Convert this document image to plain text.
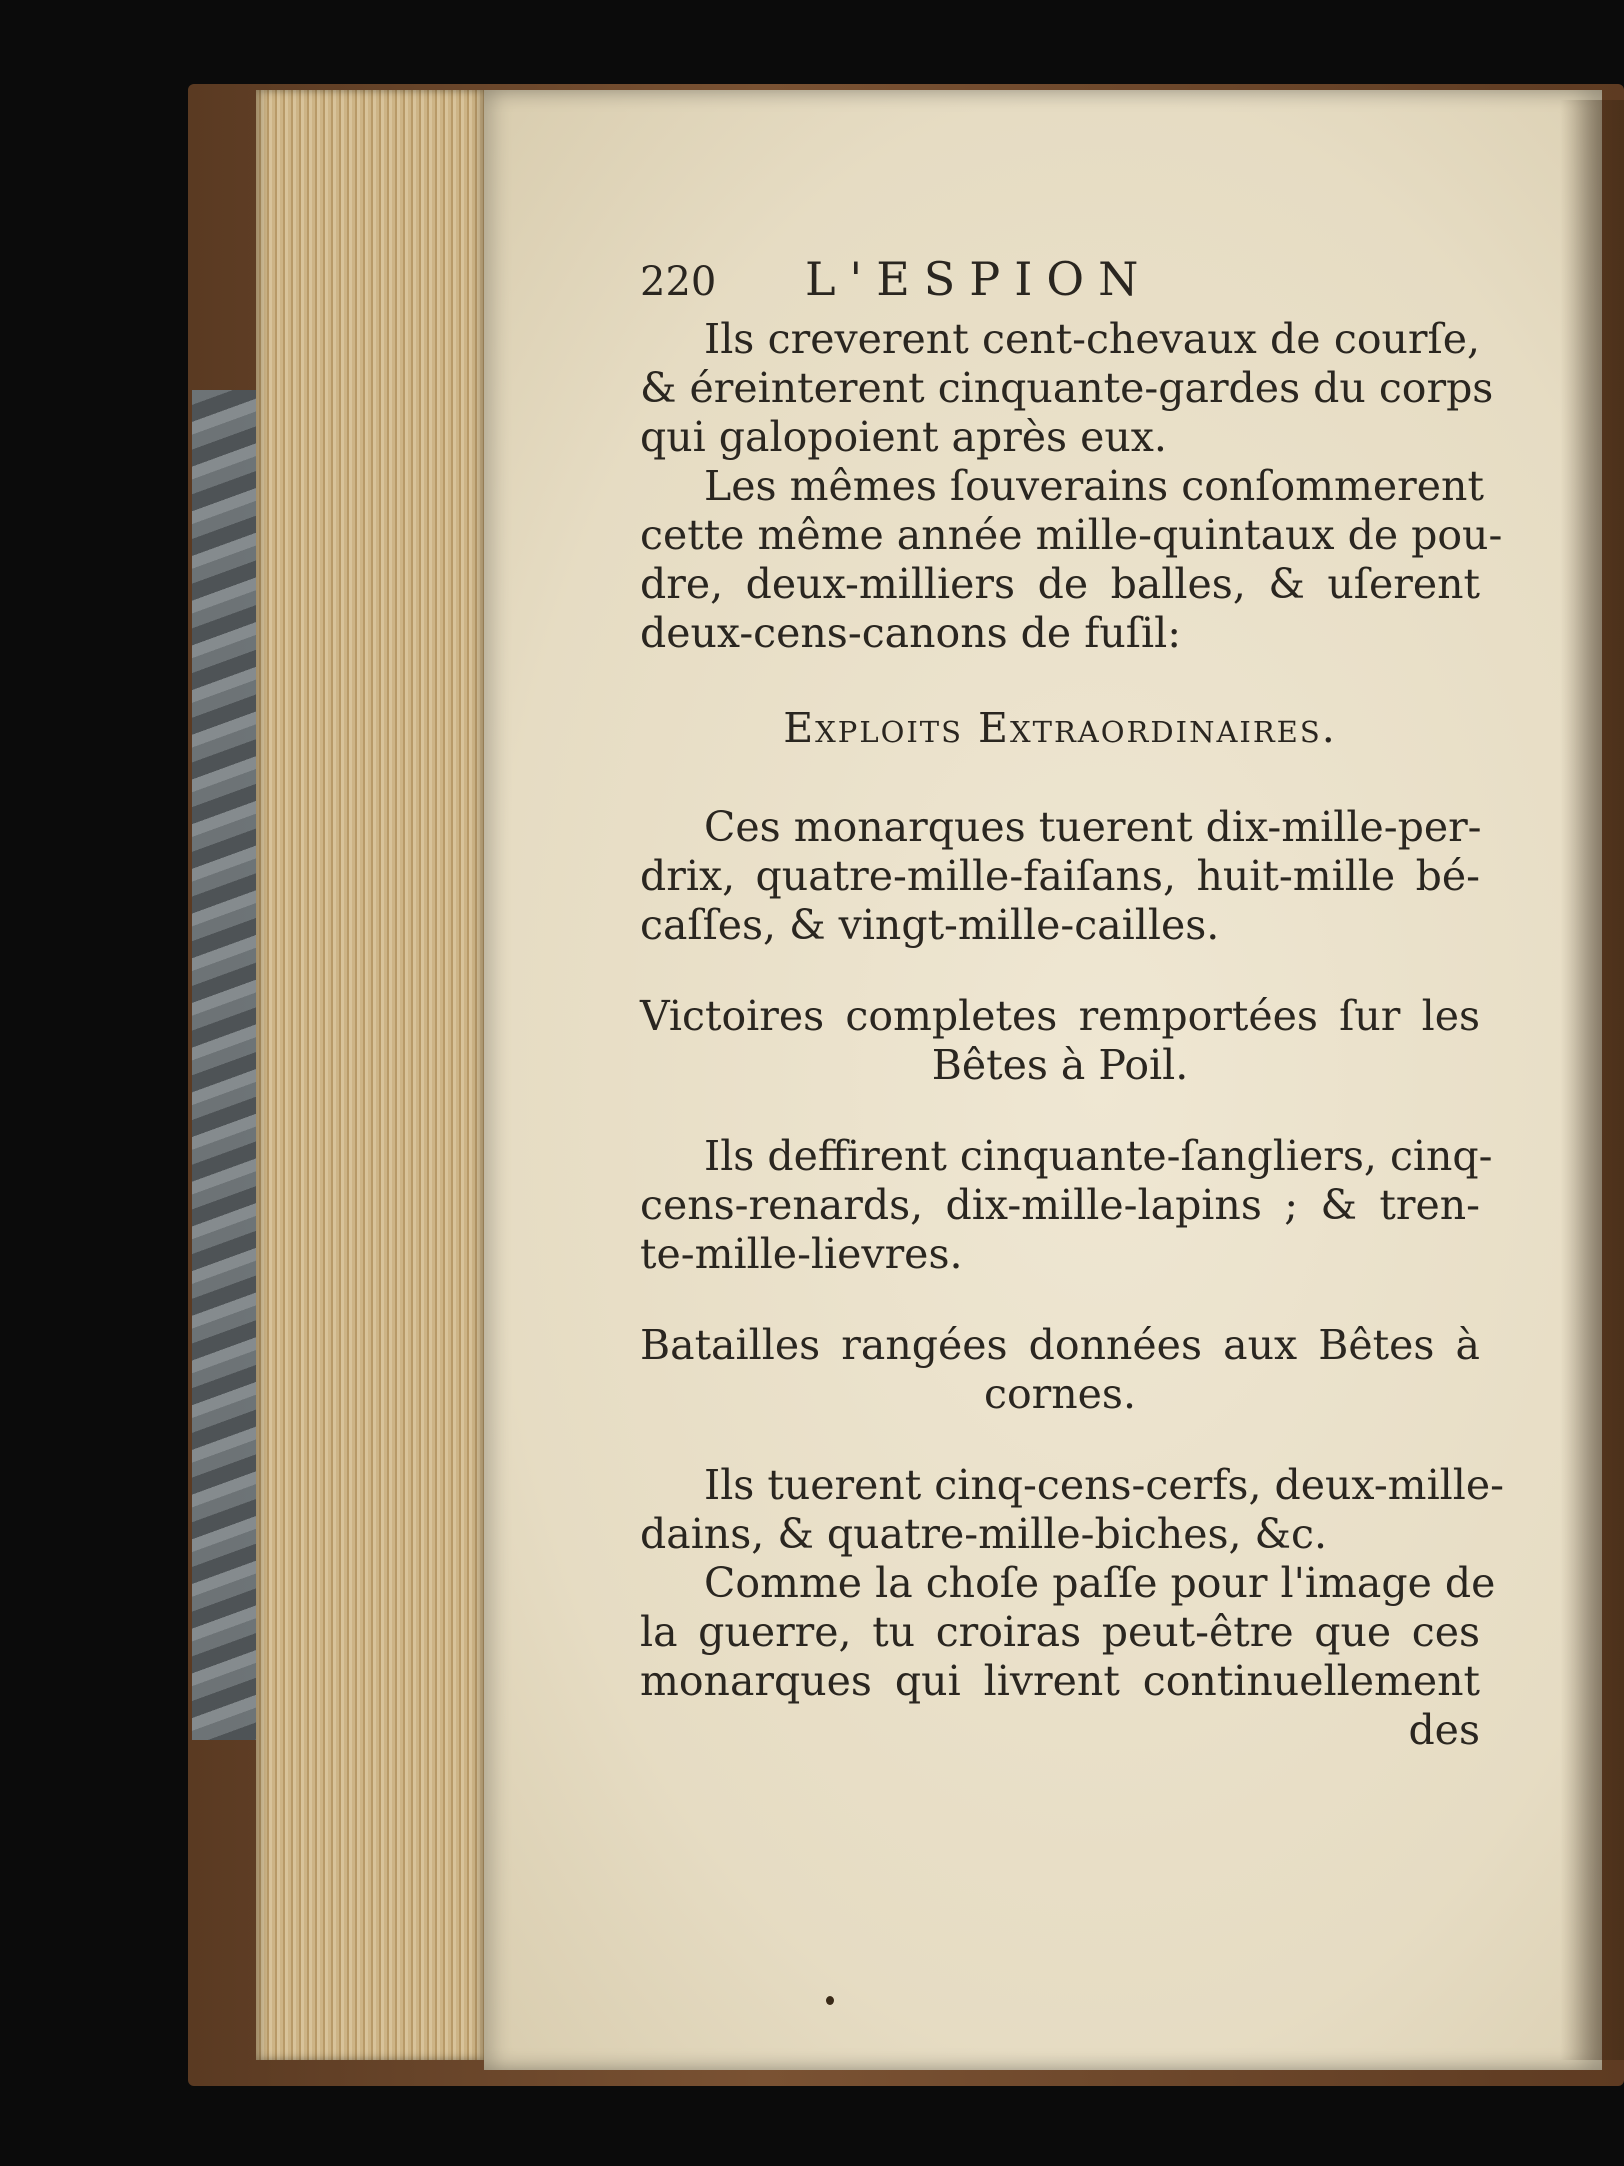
220	L'ESPION
Ils creverent cent-chevaux de courſe,
& éreinterent cinquante-gardes du corps
qui galopoient après eux.
Les mêmes ſouverains conſommerent
cette même année mille-quintaux de pou-
dre, deux-milliers de balles, & uſerent
deux-cens-canons de fuſil:
Exploits Extraordinaires.
Ces monarques tuerent dix-mille-per-
drix, quatre-mille-faiſans, huit-mille bé-
caſſes, & vingt-mille-cailles.
Victoires completes remportées ſur les
Bêtes à Poil.
Ils deffirent cinquante-ſangliers, cinq-
cens-renards, dix-mille-lapins ; & tren-
te-mille-lievres.
Batailles rangées données aux Bêtes à
cornes.
Ils tuerent cinq-cens-cerfs, deux-mille-
dains, & quatre-mille-biches, &c.
Comme la choſe paſſe pour l'image de
la guerre, tu croiras peut-être que ces
monarques qui livrent continuellement
des
